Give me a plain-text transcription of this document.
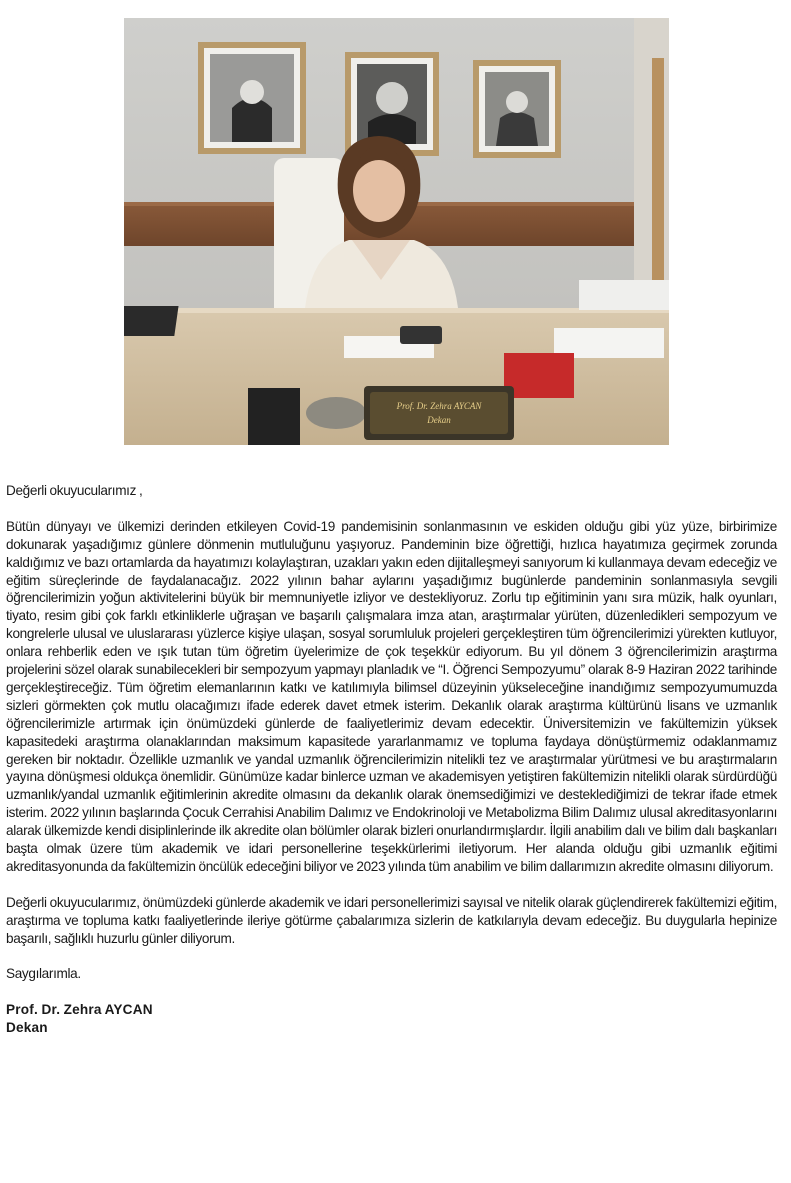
Prof. Dr. Zehra AYCAN
Dekan

Değerli okuyucularımız ,

Bütün dünyayı ve ülkemizi derinden etkileyen Covid-19 pandemisinin sonlanmasının ve eskiden olduğu gibi yüz yüze, birbirimize dokunarak yaşadığımız günlere dönmenin mutluluğunu yaşıyoruz. Pandeminin bize öğrettiği, hızlıca hayatımıza geçirmek zorunda kaldığımız ve bazı ortamlarda da hayatımızı kolaylaştıran, uzakları yakın eden dijitalleşmeyi sanıyorum ki kullanmaya devam edeceğiz ve eğitim süreçlerinde de faydalanacağız. 2022 yılının bahar aylarını yaşadığımız bugünlerde pandeminin sonlanmasıyla sevgili öğrencilerimizin yoğun aktivitelerini büyük bir memnuniyetle izliyor ve destekliyoruz. Zorlu tıp eğitiminin yanı sıra müzik, halk oyunları, tiyato, resim gibi çok farklı etkinliklerle uğraşan ve başarılı çalışmalara imza atan, araştırmalar yürüten, düzenledikleri sempozyum ve kongrelerle ulusal ve uluslararası yüzlerce kişiye ulaşan, sosyal sorumluluk projeleri gerçekleştiren tüm öğrencilerimizi yürekten kutluyor, onlara rehberlik eden ve ışık tutan tüm öğretim üyelerimize de çok teşekkür ediyorum. Bu yıl dönem 3 öğrencilerimizin araştırma projelerini sözel olarak sunabilecekleri bir sempozyum yapmayı planladık ve “I. Öğrenci Sempozyumu” olarak 8-9 Haziran 2022 tarihinde gerçekleştireceğiz. Tüm öğretim elemanlarının katkı ve katılımıyla bilimsel düzeyinin yükseleceğine inandığımız sempozyumumuzda sizleri görmekten çok mutlu olacağımızı ifade ederek davet etmek isterim. Dekanlık olarak araştırma kültürünü lisans ve uzmanlık öğrencilerimizle artırmak için önümüzdeki günlerde de faaliyetlerimiz devam edecektir. Üniversitemizin ve fakültemizin yüksek kapasitedeki araştırma olanaklarından maksimum kapasitede yararlanmamız ve topluma faydaya dönüştürmemiz odaklanmamız gereken bir noktadır. Özellikle uzmanlık ve yandal uzmanlık öğrencilerimizin nitelikli tez ve araştırmalar yürütmesi ve bu araştırmaların yayına dönüşmesi oldukça önemlidir. Günümüze kadar binlerce uzman ve akademisyen yetiştiren fakültemizin nitelikli olarak sürdürdüğü uzmanlık/yandal uzmanlık eğitimlerinin akredite olmasını da dekanlık olarak önemsediğimizi ve desteklediğimizi de tekrar ifade etmek isterim. 2022 yılının başlarında Çocuk Cerrahisi Anabilim Dalımız ve Endokrinoloji ve Metabolizma Bilim Dalımız ulusal akreditasyonlarını alarak ülkemizde kendi disiplinlerinde ilk akredite olan bölümler olarak bizleri onurlandırmışlardır. İlgili anabilim dalı ve bilim dalı başkanları başta olmak üzere tüm akademik ve idari personellerine teşekkürlerimi iletiyorum. Her alanda olduğu gibi uzmanlık eğitimi akreditasyonunda da fakültemizin öncülük edeceğini biliyor ve 2023 yılında tüm anabilim ve bilim dallarımızın akredite olmasını diliyorum.

Değerli okuyucularımız, önümüzdeki günlerde akademik ve idari personellerimizi sayısal ve nitelik olarak güçlendirerek fakültemizi eğitim, araştırma ve topluma katkı faaliyetlerinde ileriye götürme çabalarımıza sizlerin de katkılarıyla devam edeceğiz. Bu duygularla hepinize başarılı, sağlıklı huzurlu günler diliyorum.

Saygılarımla.

Prof. Dr. Zehra AYCAN

Dekan
